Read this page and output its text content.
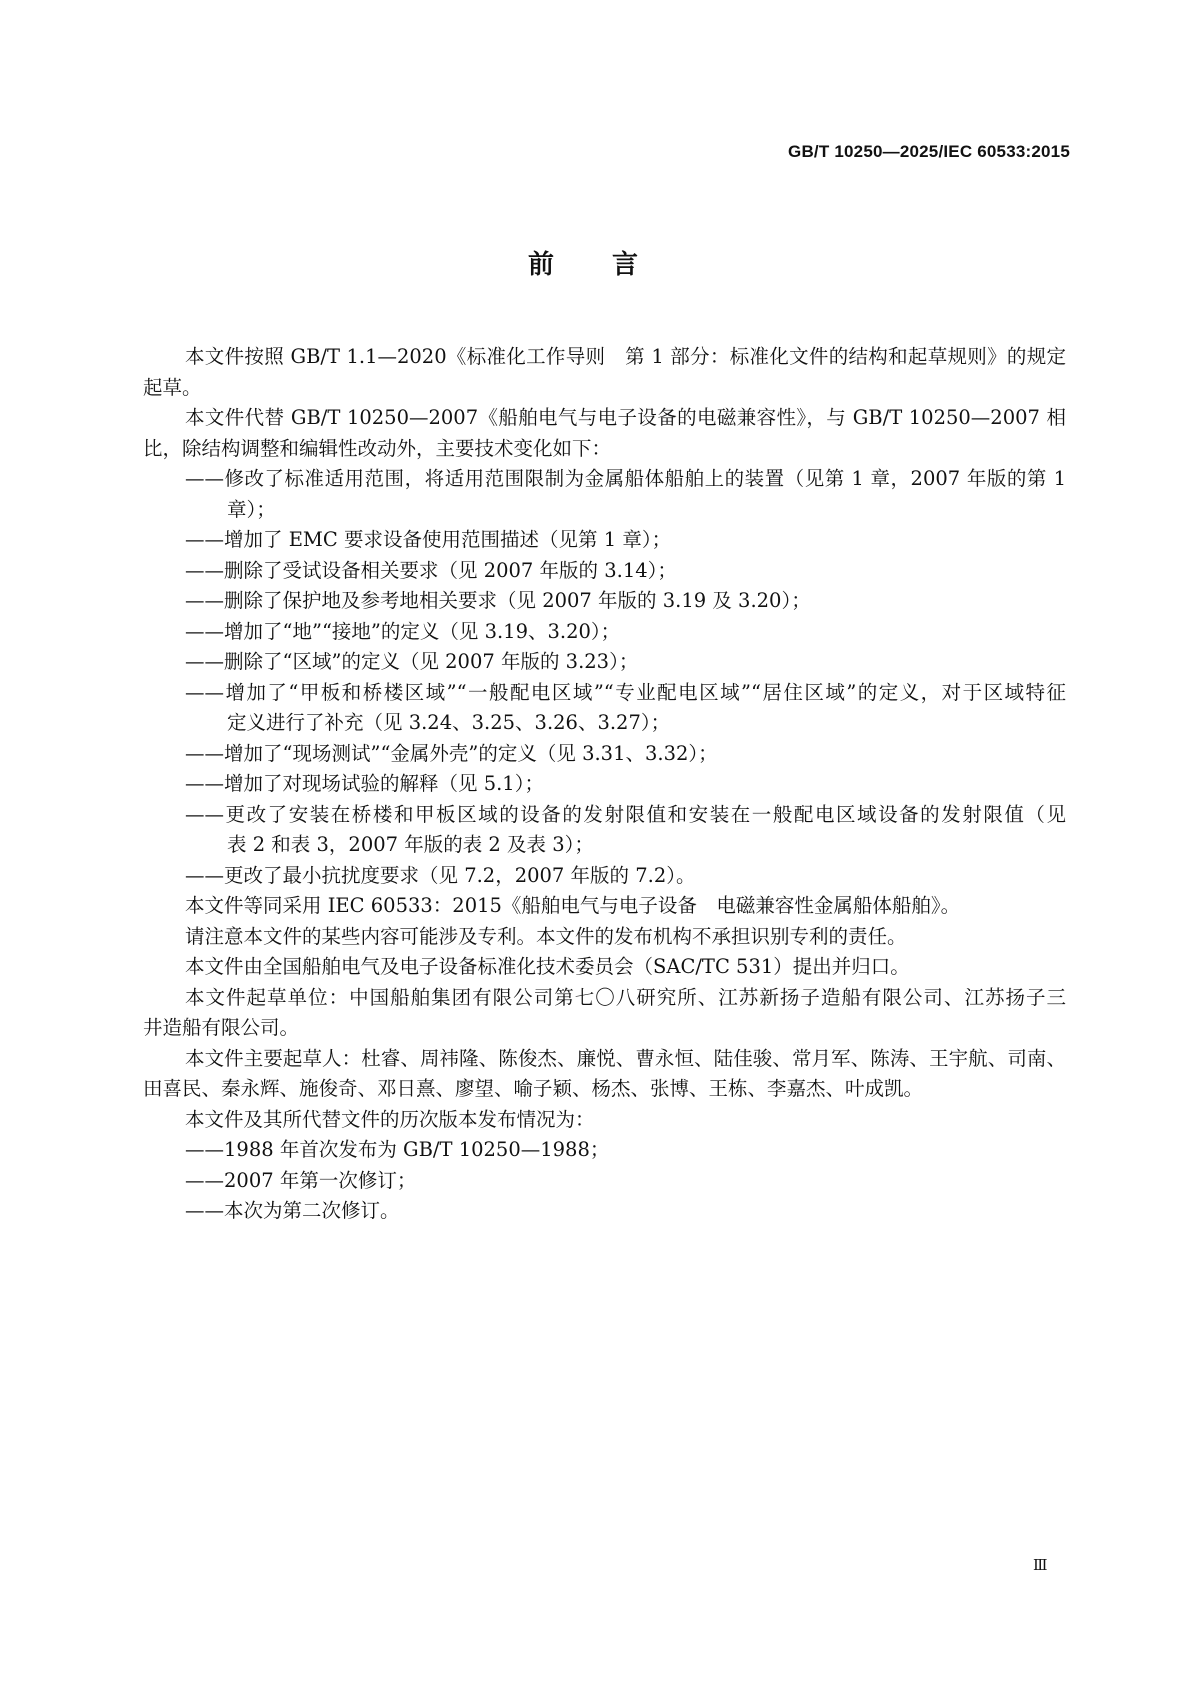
GB/T 10250—2025/IEC 60533:2015
前言
本文件按照 GB/T 1.1—2020《标准化工作导则　第 1 部分：标准化文件的结构和起草规则》的规定
起草。
本文件代替 GB/T 10250—2007《船舶电气与电子设备的电磁兼容性》，与 GB/T 10250—2007 相
比，除结构调整和编辑性改动外，主要技术变化如下：
——修改了标准适用范围，将适用范围限制为金属船体船舶上的装置（见第 1 章，2007 年版的第 1
章）；
——增加了 EMC 要求设备使用范围描述（见第 1 章）；
——删除了受试设备相关要求（见 2007 年版的 3.14）；
——删除了保护地及参考地相关要求（见 2007 年版的 3.19 及 3.20）；
——增加了“地”“接地”的定义（见 3.19、3.20）；
——删除了“区域”的定义（见 2007 年版的 3.23）；
——增加了“甲板和桥楼区域”“一般配电区域”“专业配电区域”“居住区域”的定义，对于区域特征
定义进行了补充（见 3.24、3.25、3.26、3.27）；
——增加了“现场测试”“金属外壳”的定义（见 3.31、3.32）；
——增加了对现场试验的解释（见 5.1）；
——更改了安装在桥楼和甲板区域的设备的发射限值和安装在一般配电区域设备的发射限值（见
表 2 和表 3，2007 年版的表 2 及表 3）；
——更改了最小抗扰度要求（见 7.2，2007 年版的 7.2）。
本文件等同采用 IEC 60533：2015《船舶电气与电子设备　电磁兼容性金属船体船舶》。
请注意本文件的某些内容可能涉及专利。本文件的发布机构不承担识别专利的责任。
本文件由全国船舶电气及电子设备标准化技术委员会（SAC/TC 531）提出并归口。
本文件起草单位：中国船舶集团有限公司第七〇八研究所、江苏新扬子造船有限公司、江苏扬子三
井造船有限公司。
本文件主要起草人：杜睿、周祎隆、陈俊杰、廉悦、曹永恒、陆佳骏、常月军、陈涛、王宇航、司南、
田喜民、秦永辉、施俊奇、邓日熹、廖望、喻子颖、杨杰、张博、王栋、李嘉杰、叶成凯。
本文件及其所代替文件的历次版本发布情况为：
——1988 年首次发布为 GB/T 10250—1988；
——2007 年第一次修订；
——本次为第二次修订。
Ⅲ
